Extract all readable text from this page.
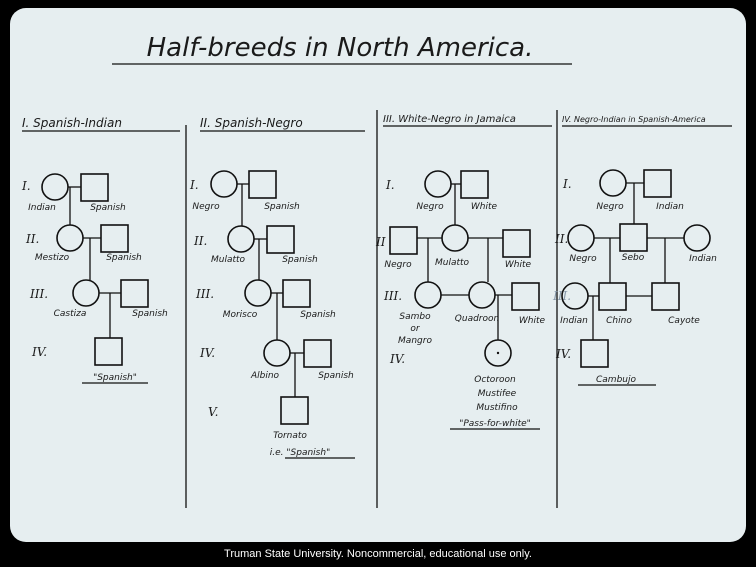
Half-breeds in North America.
I. Spanish-Indian	II. Spanish-Negro	III. White-Negro in Jamaica	IV. Negro-Indian in Spanish-America
I.
II.
III.
IV.
Indian	Spanish
Mestizo	Spanish
Castiza	Spanish
"Spanish"
I.
II.
III.
IV.
V.
Negro	Spanish
Mulatto	Spanish
Morisco	Spanish
Albino	Spanish
Tornato
i.e. "Spanish"
I.
II
III.
IV.
Negro	White
Negro	Mulatto	White
Sambo
or
Mangro
Quadroon White
Octoroon
Mustifee
Mustifino
"Pass-for-white"
I.
II.
III.
IV.
Negro	Indian
Negro	Sebo	Indian
Indian Chino	Cayote
Cambujo
Truman State University. Noncommercial, educational use only.
